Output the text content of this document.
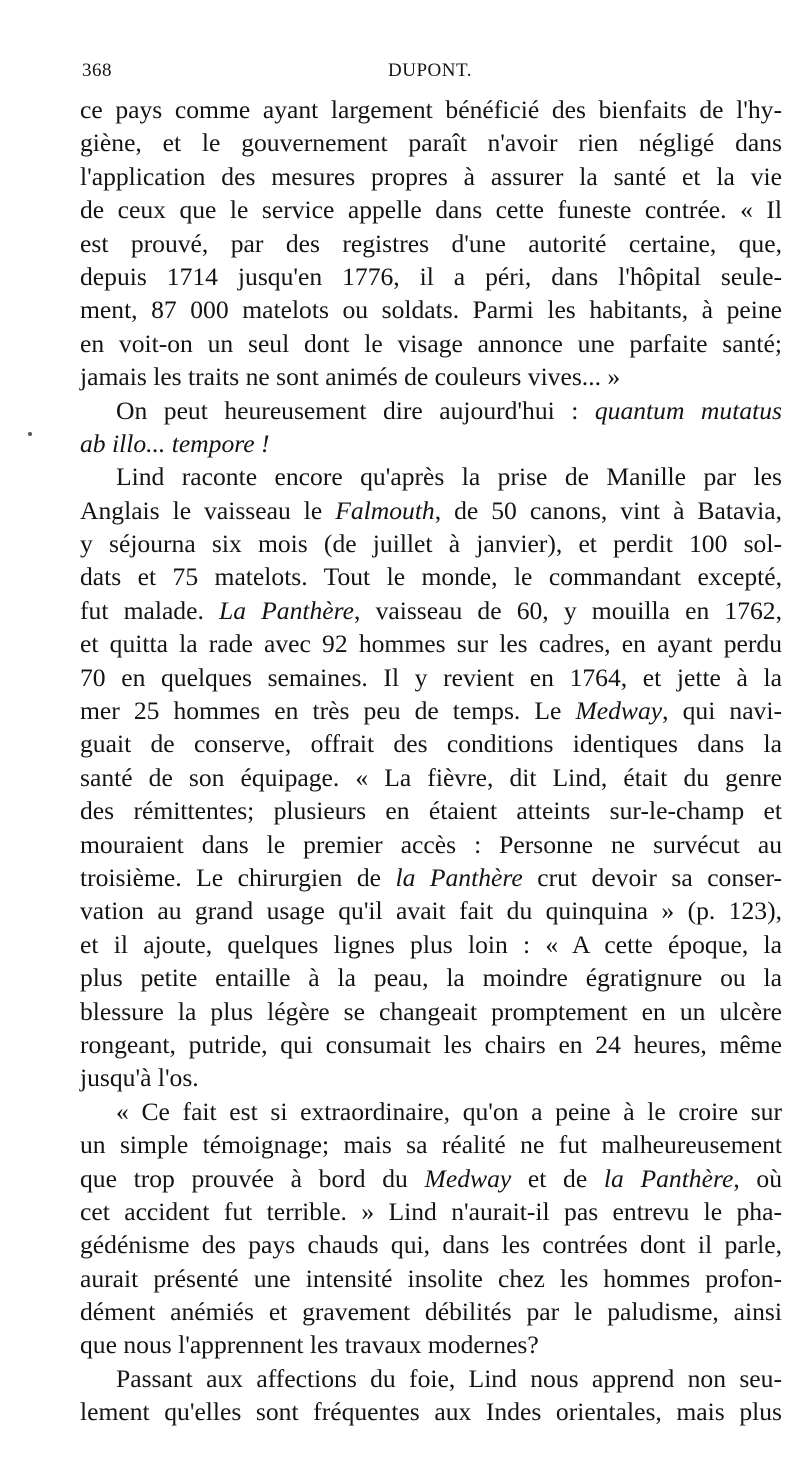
368	DUPONT.
ce pays comme ayant largement bénéficié des bienfaits de l'hy-
giène, et le gouvernement paraît n'avoir rien négligé dans
l'application des mesures propres à assurer la santé et la vie
de ceux que le service appelle dans cette funeste contrée. « Il
est prouvé, par des registres d'une autorité certaine, que,
depuis 1714 jusqu'en 1776, il a péri, dans l'hôpital seule-
ment, 87 000 matelots ou soldats. Parmi les habitants, à peine
en voit-on un seul dont le visage annonce une parfaite santé;
jamais les traits ne sont animés de couleurs vives... »
On peut heureusement dire aujourd'hui : quantum mutatus
ab illo... tempore !
Lind raconte encore qu'après la prise de Manille par les
Anglais le vaisseau le Falmouth, de 50 canons, vint à Batavia,
y séjourna six mois (de juillet à janvier), et perdit 100 sol-
dats et 75 matelots. Tout le monde, le commandant excepté,
fut malade. La Panthère, vaisseau de 60, y mouilla en 1762,
et quitta la rade avec 92 hommes sur les cadres, en ayant perdu
70 en quelques semaines. Il y revient en 1764, et jette à la
mer 25 hommes en très peu de temps. Le Medway, qui navi-
guait de conserve, offrait des conditions identiques dans la
santé de son équipage. « La fièvre, dit Lind, était du genre
des rémittentes; plusieurs en étaient atteints sur-le-champ et
mouraient dans le premier accès : Personne ne survécut au
troisième. Le chirurgien de la Panthère crut devoir sa conser-
vation au grand usage qu'il avait fait du quinquina » (p. 123),
et il ajoute, quelques lignes plus loin : « A cette époque, la
plus petite entaille à la peau, la moindre égratignure ou la
blessure la plus légère se changeait promptement en un ulcère
rongeant, putride, qui consumait les chairs en 24 heures, même
jusqu'à l'os.
« Ce fait est si extraordinaire, qu'on a peine à le croire sur
un simple témoignage; mais sa réalité ne fut malheureusement
que trop prouvée à bord du Medway et de la Panthère, où
cet accident fut terrible. » Lind n'aurait-il pas entrevu le pha-
gédénisme des pays chauds qui, dans les contrées dont il parle,
aurait présenté une intensité insolite chez les hommes profon-
dément anémiés et gravement débilités par le paludisme, ainsi
que nous l'apprennent les travaux modernes?
Passant aux affections du foie, Lind nous apprend non seu-
lement qu'elles sont fréquentes aux Indes orientales, mais plus
